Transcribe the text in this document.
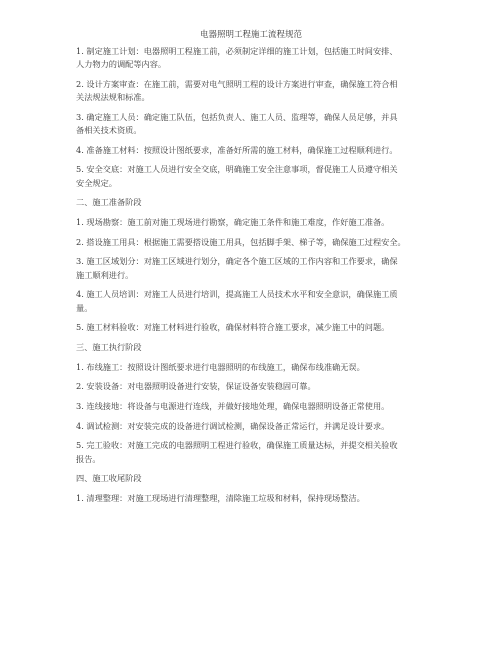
电器照明工程施工流程规范

1. 制定施工计划：电器照明工程施工前，必须制定详细的施工计划，包括施工时间安排、
人力物力的调配等内容。

2. 设计方案审查：在施工前，需要对电气照明工程的设计方案进行审查，确保施工符合相
关法规法规和标准。

3. 确定施工人员：确定施工队伍，包括负责人、施工人员、监理等，确保人员足够，并具
备相关技术资质。

4. 准备施工材料：按照设计图纸要求，准备好所需的施工材料，确保施工过程顺利进行。

5. 安全交底：对施工人员进行安全交底，明确施工安全注意事项，督促施工人员遵守相关
安全规定。

二、施工准备阶段

1. 现场勘察：施工前对施工现场进行勘察，确定施工条件和施工难度，作好施工准备。

2. 搭设施工用具：根据施工需要搭设施工用具，包括脚手架、梯子等，确保施工过程安全。

3. 施工区域划分：对施工区域进行划分，确定各个施工区域的工作内容和工作要求，确保
施工顺利进行。

4. 施工人员培训：对施工人员进行培训，提高施工人员技术水平和安全意识，确保施工质
量。

5. 施工材料验收：对施工材料进行验收，确保材料符合施工要求，减少施工中的问题。

三、施工执行阶段

1. 布线施工：按照设计图纸要求进行电器照明的布线施工，确保布线准确无误。

2. 安装设备：对电器照明设备进行安装，保证设备安装稳固可靠。

3. 连线接地：将设备与电源进行连线，并做好接地处理，确保电器照明设备正常使用。

4. 调试检测：对安装完成的设备进行调试检测，确保设备正常运行，并满足设计要求。

5. 完工验收：对施工完成的电器照明工程进行验收，确保施工质量达标，并提交相关验收
报告。

四、施工收尾阶段

1. 清理整理：对施工现场进行清理整理，清除施工垃圾和材料，保持现场整洁。
